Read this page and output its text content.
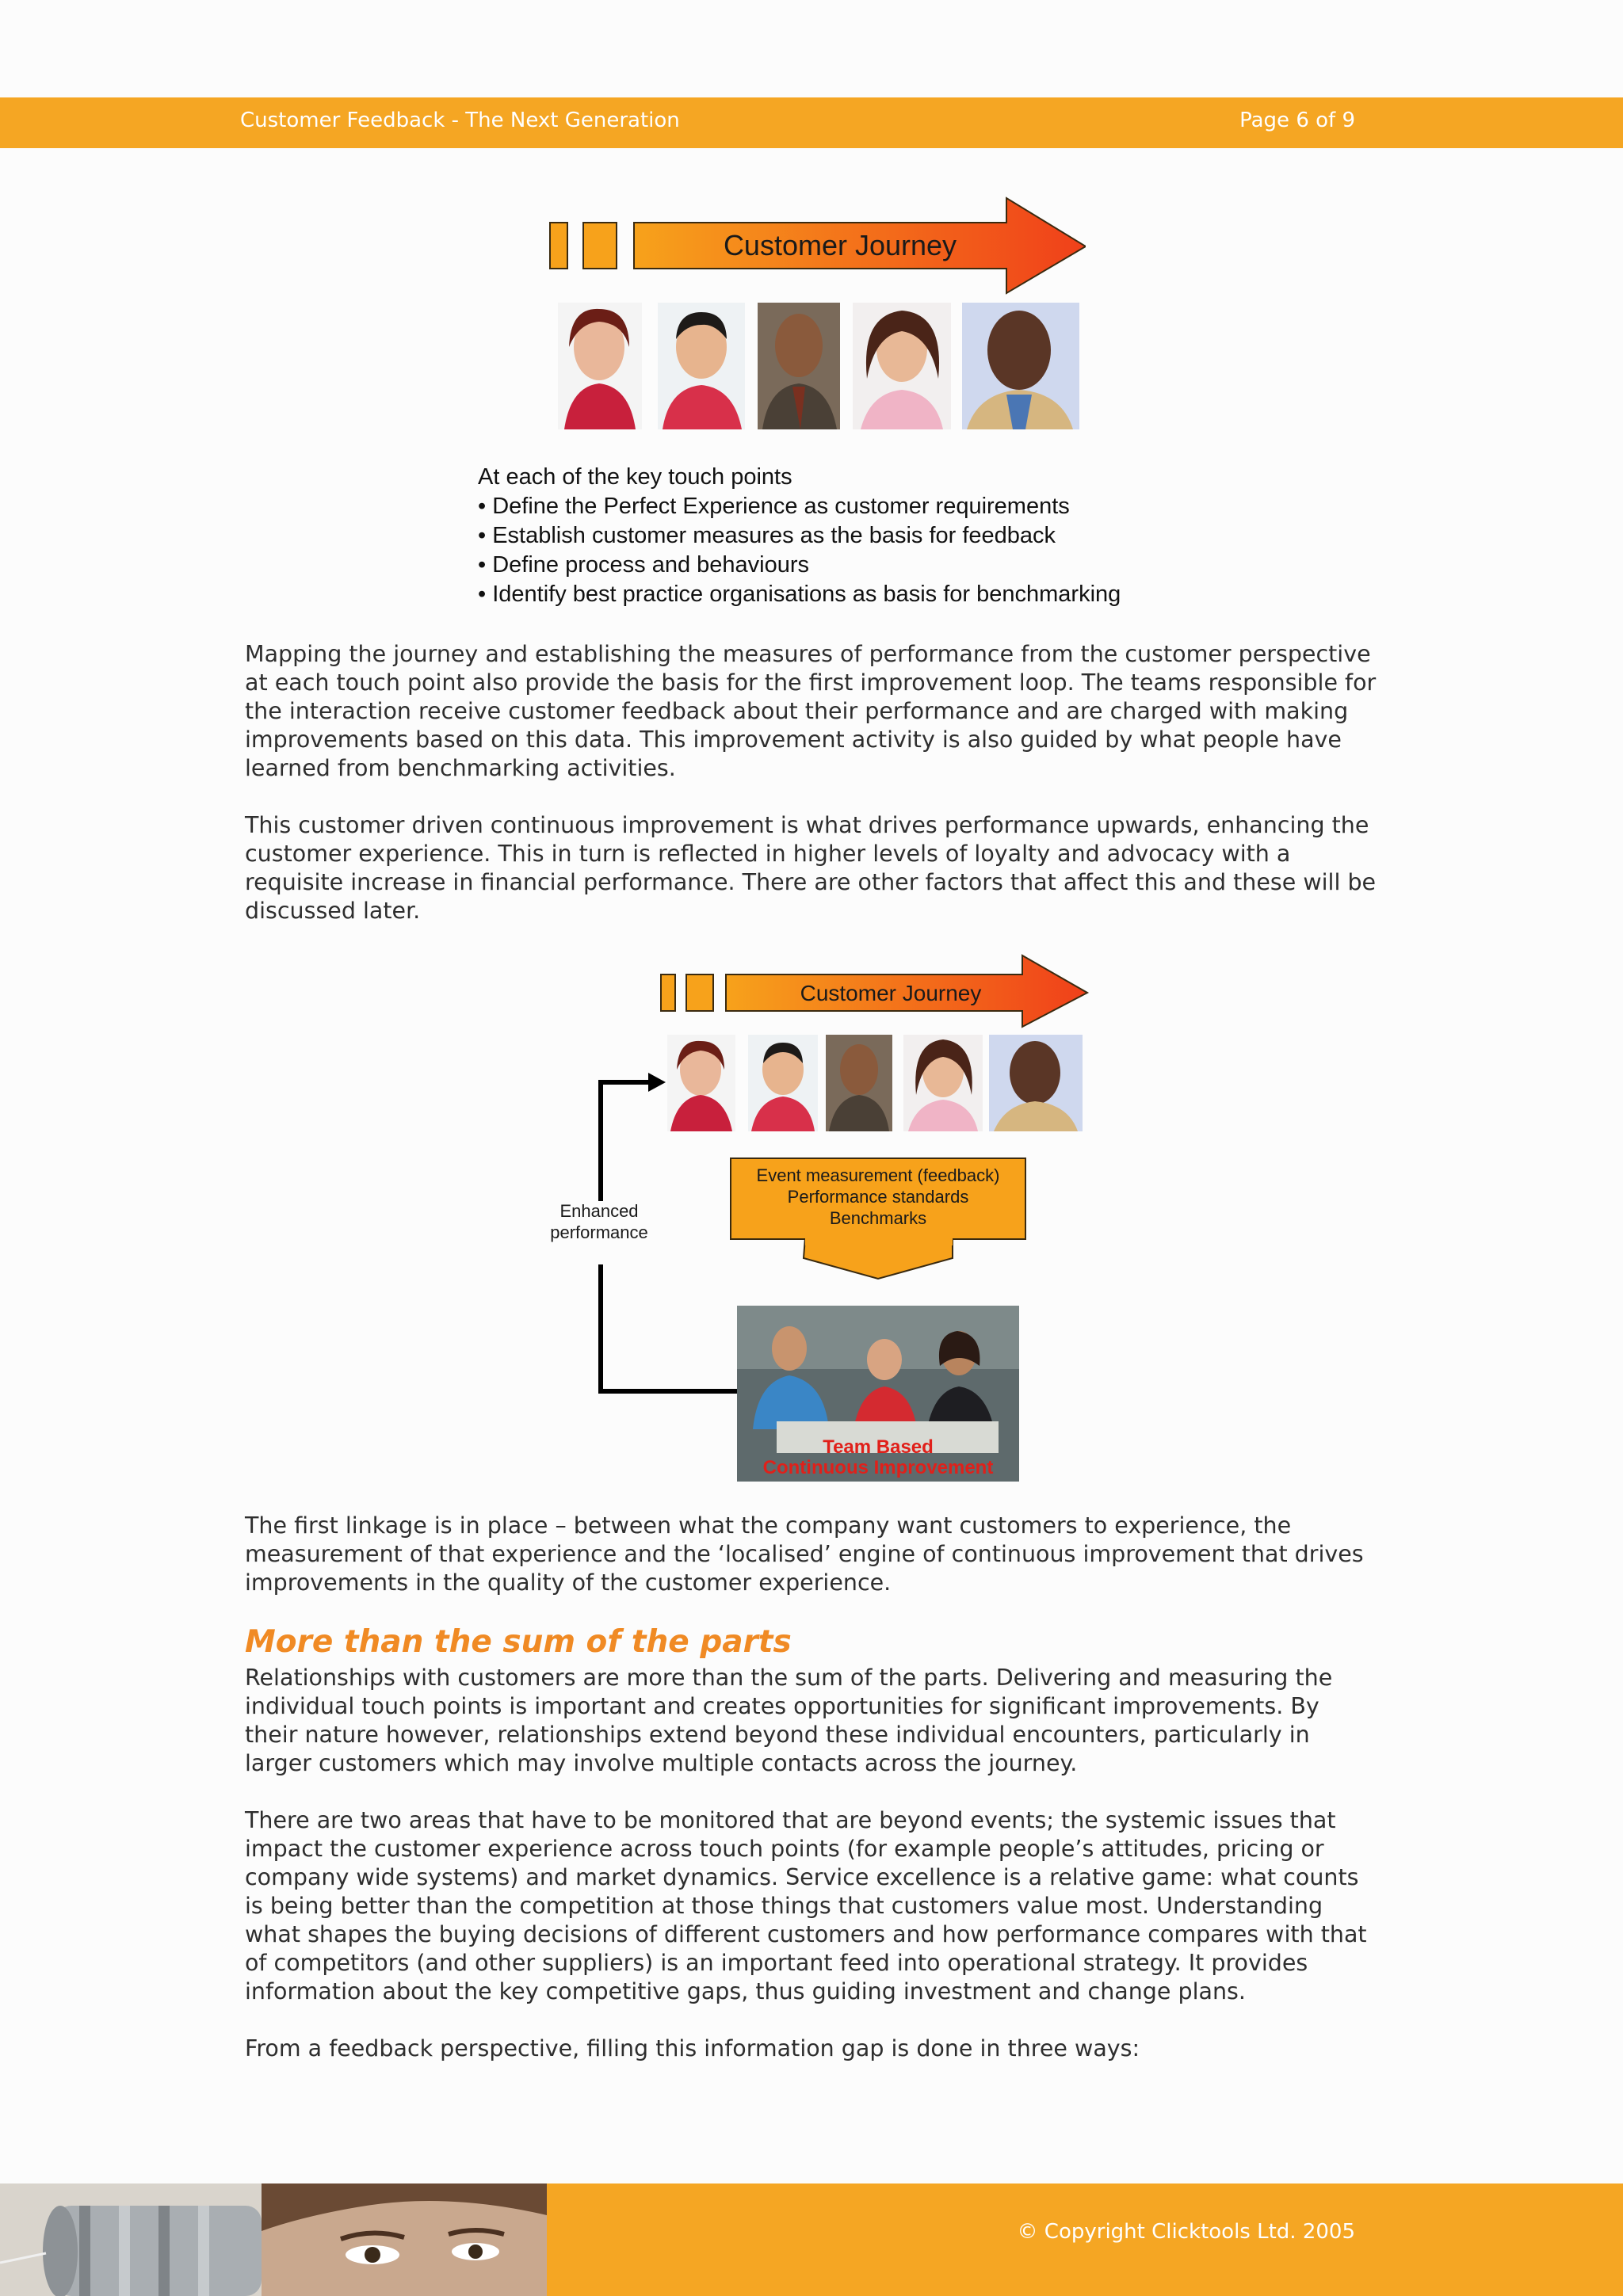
Customer Feedback - The Next Generation	Page 6 of 9
Customer Journey
At each of the key touch points
• Define the Perfect Experience as customer requirements
• Establish customer measures as the basis for feedback
• Define process and behaviours
• Identify best practice organisations as basis for benchmarking

Mapping the journey and establishing the measures of performance from the customer perspective at each touch point also provide the basis for the first improvement loop. The teams responsible for the interaction receive customer feedback about their performance and are charged with making improvements based on this data. This improvement activity is also guided by what people have learned from benchmarking activities.

This customer driven continuous improvement is what drives performance upwards, enhancing the customer experience. This in turn is reflected in higher levels of loyalty and advocacy with a requisite increase in financial performance. There are other factors that affect this and these will be discussed later.

Customer Journey
Enhanced
performance
Event measurement (feedback)
Performance standards
Benchmarks
Team Based
Continuous Improvement

The first linkage is in place – between what the company want customers to experience, the measurement of that experience and the ‘localised’ engine of continuous improvement that drives improvements in the quality of the customer experience.

More than the sum of the parts

Relationships with customers are more than the sum of the parts. Delivering and measuring the individual touch points is important and creates opportunities for significant improvements. By their nature however, relationships extend beyond these individual encounters, particularly in larger customers which may involve multiple contacts across the journey.

There are two areas that have to be monitored that are beyond events; the systemic issues that impact the customer experience across touch points (for example people’s attitudes, pricing or company wide systems) and market dynamics. Service excellence is a relative game: what counts is being better than the competition at those things that customers value most. Understanding what shapes the buying decisions of different customers and how performance compares with that of competitors (and other suppliers) is an important feed into operational strategy. It provides information about the key competitive gaps, thus guiding investment and change plans.

From a feedback perspective, filling this information gap is done in three ways:

© Copyright Clicktools Ltd. 2005
